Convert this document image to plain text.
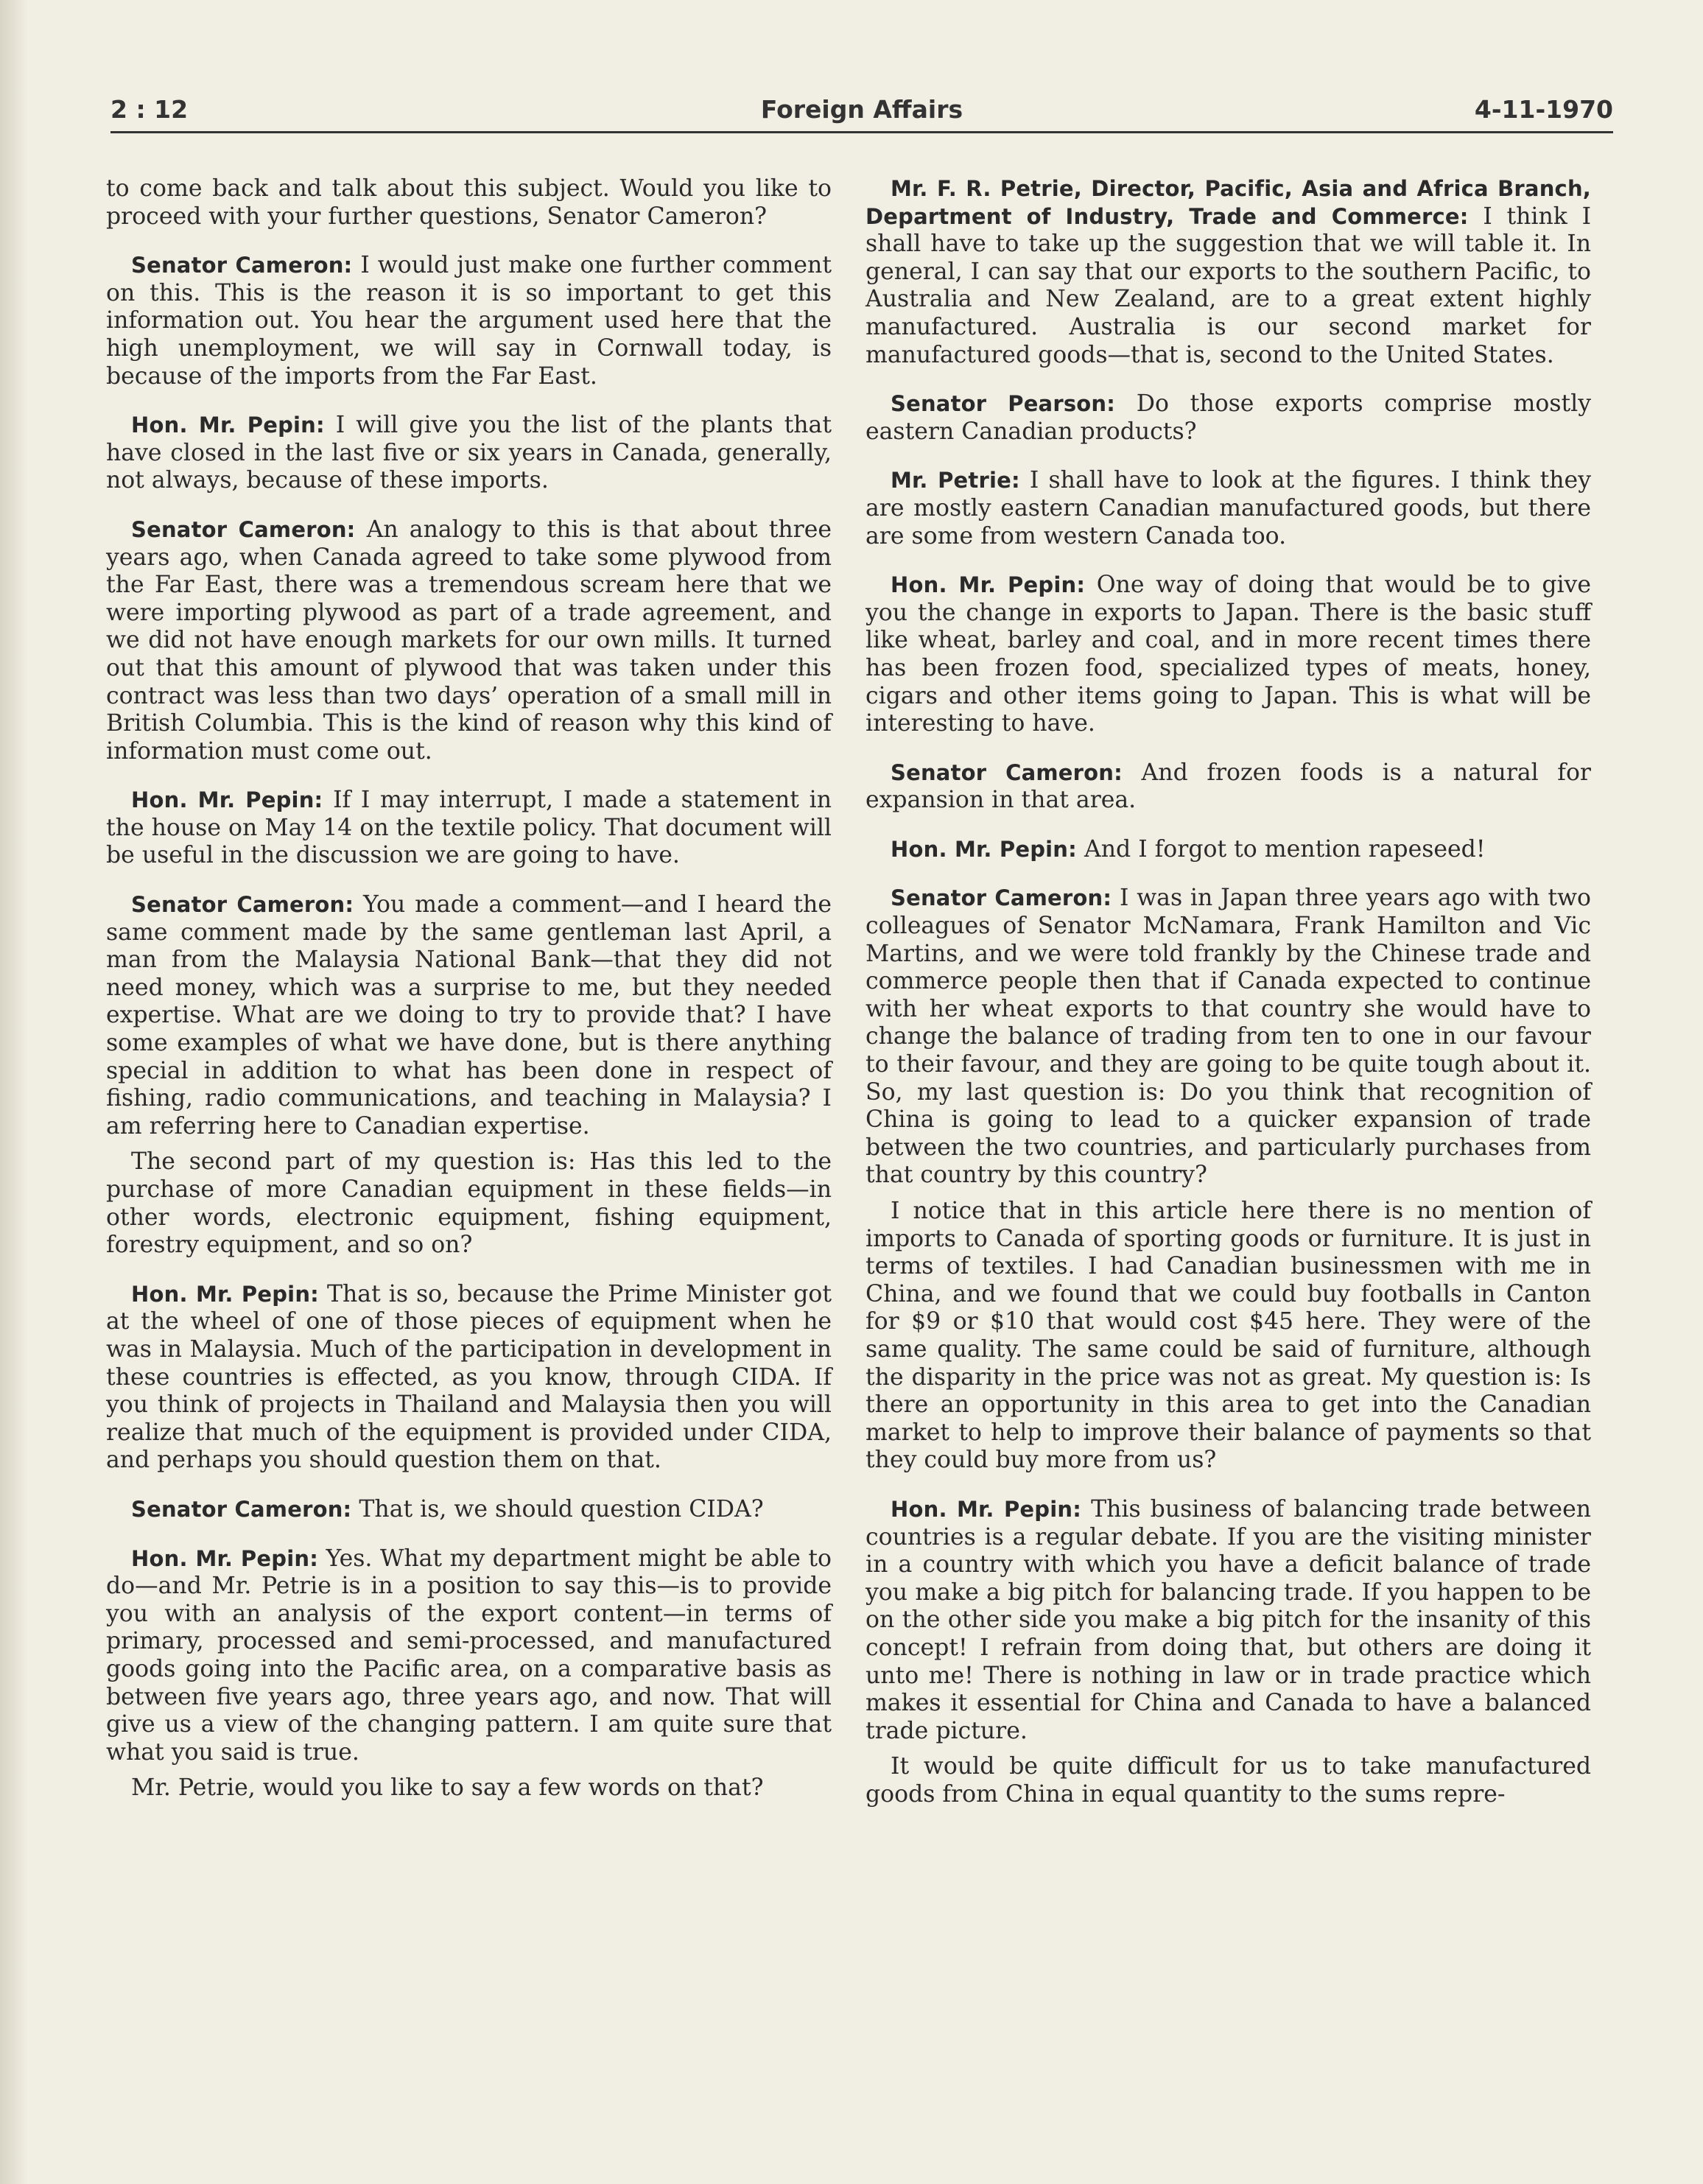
2 : 12	Foreign Affairs	4-11-1970

to come back and talk about this subject. Would you like to proceed with your further questions, Senator Cameron?

Senator Cameron: I would just make one further comment on this. This is the reason it is so important to get this information out. You hear the argument used here that the high unemployment, we will say in Cornwall today, is because of the imports from the Far East.

Hon. Mr. Pepin: I will give you the list of the plants that have closed in the last five or six years in Canada, generally, not always, because of these imports.

Senator Cameron: An analogy to this is that about three years ago, when Canada agreed to take some plywood from the Far East, there was a tremendous scream here that we were importing plywood as part of a trade agreement, and we did not have enough markets for our own mills. It turned out that this amount of plywood that was taken under this contract was less than two days’ operation of a small mill in British Columbia. This is the kind of reason why this kind of information must come out.

Hon. Mr. Pepin: If I may interrupt, I made a statement in the house on May 14 on the textile policy. That document will be useful in the discussion we are going to have.

Senator Cameron: You made a comment—and I heard the same comment made by the same gentleman last April, a man from the Malaysia National Bank—that they did not need money, which was a surprise to me, but they needed expertise. What are we doing to try to provide that? I have some examples of what we have done, but is there anything special in addition to what has been done in respect of fishing, radio communications, and teaching in Malaysia? I am referring here to Canadian expertise.

The second part of my question is: Has this led to the purchase of more Canadian equipment in these fields—in other words, electronic equipment, fishing equipment, forestry equipment, and so on?

Hon. Mr. Pepin: That is so, because the Prime Minister got at the wheel of one of those pieces of equipment when he was in Malaysia. Much of the participation in development in these countries is effected, as you know, through CIDA. If you think of projects in Thailand and Malaysia then you will realize that much of the equipment is provided under CIDA, and perhaps you should question them on that.

Senator Cameron: That is, we should question CIDA?

Hon. Mr. Pepin: Yes. What my department might be able to do—and Mr. Petrie is in a position to say this—is to provide you with an analysis of the export content—in terms of primary, processed and semi-processed, and manufactured goods going into the Pacific area, on a comparative basis as between five years ago, three years ago, and now. That will give us a view of the changing pattern. I am quite sure that what you said is true.

Mr. Petrie, would you like to say a few words on that?

Mr. F. R. Petrie, Director, Pacific, Asia and Africa Branch, Department of Industry, Trade and Commerce: I think I shall have to take up the suggestion that we will table it. In general, I can say that our exports to the southern Pacific, to Australia and New Zealand, are to a great extent highly manufactured. Australia is our second market for manufactured goods—that is, second to the United States.

Senator Pearson: Do those exports comprise mostly eastern Canadian products?

Mr. Petrie: I shall have to look at the figures. I think they are mostly eastern Canadian manufactured goods, but there are some from western Canada too.

Hon. Mr. Pepin: One way of doing that would be to give you the change in exports to Japan. There is the basic stuff like wheat, barley and coal, and in more recent times there has been frozen food, specialized types of meats, honey, cigars and other items going to Japan. This is what will be interesting to have.

Senator Cameron: And frozen foods is a natural for expansion in that area.

Hon. Mr. Pepin: And I forgot to mention rapeseed!

Senator Cameron: I was in Japan three years ago with two colleagues of Senator McNamara, Frank Hamilton and Vic Martins, and we were told frankly by the Chinese trade and commerce people then that if Canada expected to continue with her wheat exports to that country she would have to change the balance of trading from ten to one in our favour to their favour, and they are going to be quite tough about it. So, my last question is: Do you think that recognition of China is going to lead to a quicker expansion of trade between the two countries, and particularly purchases from that country by this country?

I notice that in this article here there is no mention of imports to Canada of sporting goods or furniture. It is just in terms of textiles. I had Canadian businessmen with me in China, and we found that we could buy footballs in Canton for $9 or $10 that would cost $45 here. They were of the same quality. The same could be said of furniture, although the disparity in the price was not as great. My question is: Is there an opportunity in this area to get into the Canadian market to help to improve their balance of payments so that they could buy more from us?

Hon. Mr. Pepin: This business of balancing trade between countries is a regular debate. If you are the visiting minister in a country with which you have a deficit balance of trade you make a big pitch for balancing trade. If you happen to be on the other side you make a big pitch for the insanity of this concept! I refrain from doing that, but others are doing it unto me! There is nothing in law or in trade practice which makes it essential for China and Canada to have a balanced trade picture.

It would be quite difficult for us to take manufactured goods from China in equal quantity to the sums repre-
